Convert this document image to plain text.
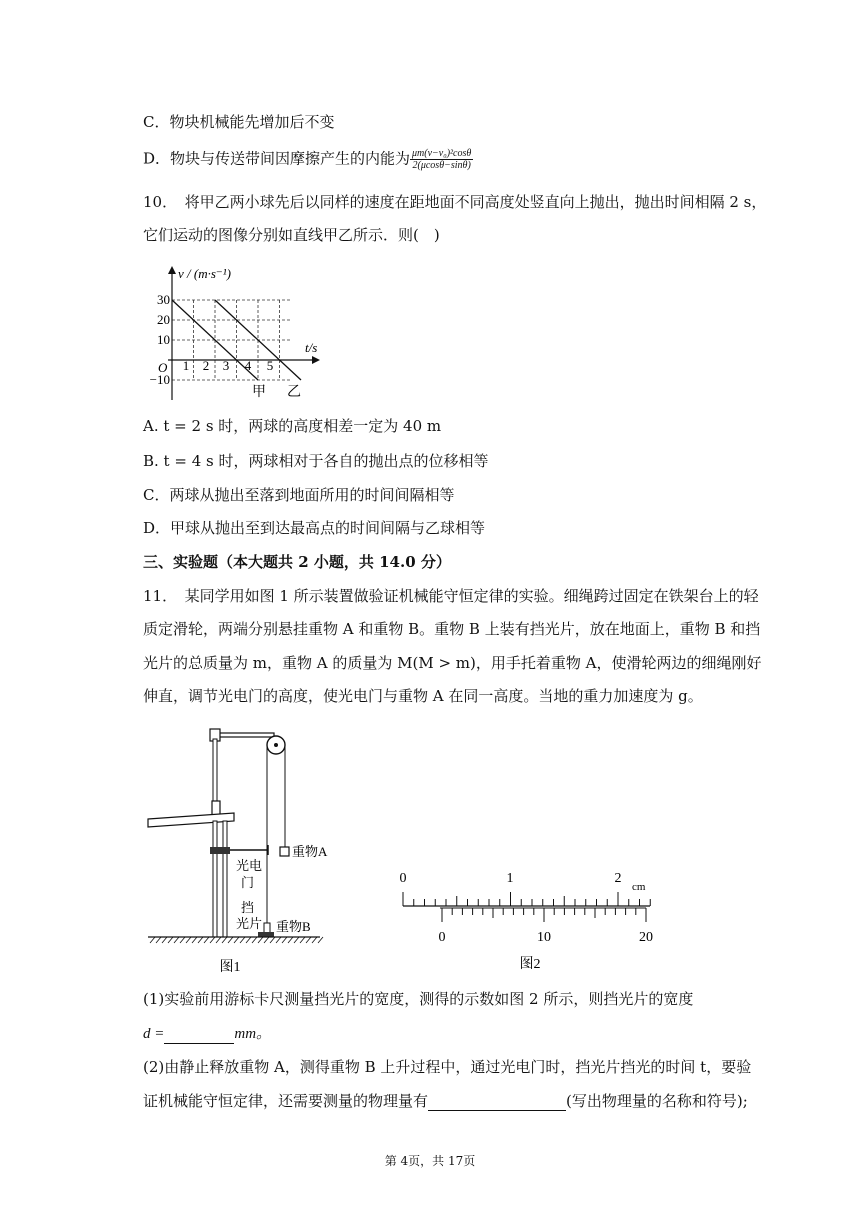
C．物块机械能先增加后不变
D．物块与传送带间因摩擦产生的内能为 $\frac{\text{μm(v−v₀)²cosθ}}{2(\mu\cos\theta-\sin\theta)}$
10．　将甲乙两小球先后以同样的速度在距地面不同高度处竖直向上抛出，抛出时间相隔 2 s，
它们运动的图像分别如直线甲乙所示．则(　)
v / (m·s⁻¹)
t/s
O
30
20
10
−10
1 2 3 4 5
甲 乙
A. t = 2 s 时，两球的高度相差一定为 40 m
B. t = 4 s 时，两球相对于各自的抛出点的位移相等
C．两球从抛出至落到地面所用的时间间隔相等
D．甲球从抛出至到达最高点的时间间隔与乙球相等
三、实验题（本大题共 2 小题，共 14.0 分）
11．　某同学用如图 1 所示装置做验证机械能守恒定律的实验。细绳跨过固定在铁架台上的轻
质定滑轮，两端分别悬挂重物 A 和重物 B。重物 B 上装有挡光片，放在地面上，重物 B 和挡
光片的总质量为 m，重物 A 的质量为 M(M > m)，用手托着重物 A，使滑轮两边的细绳刚好
伸直，调节光电门的高度，使光电门与重物 A 在同一高度。当地的重力加速度为 g。
重物A
光电
门
挡
光片 重物B
图1
0	1	2
cm
0	10	20
图2
(1)实验前用游标卡尺测量挡光片的宽度，测得的示数如图 2 所示，则挡光片的宽度
d =	mm。
(2)由静止释放重物 A，测得重物 B 上升过程中，通过光电门时，挡光片挡光的时间 t，要验
证机械能守恒定律，还需要测量的物理量有	(写出物理量的名称和符号);
第 4页，共 17页
